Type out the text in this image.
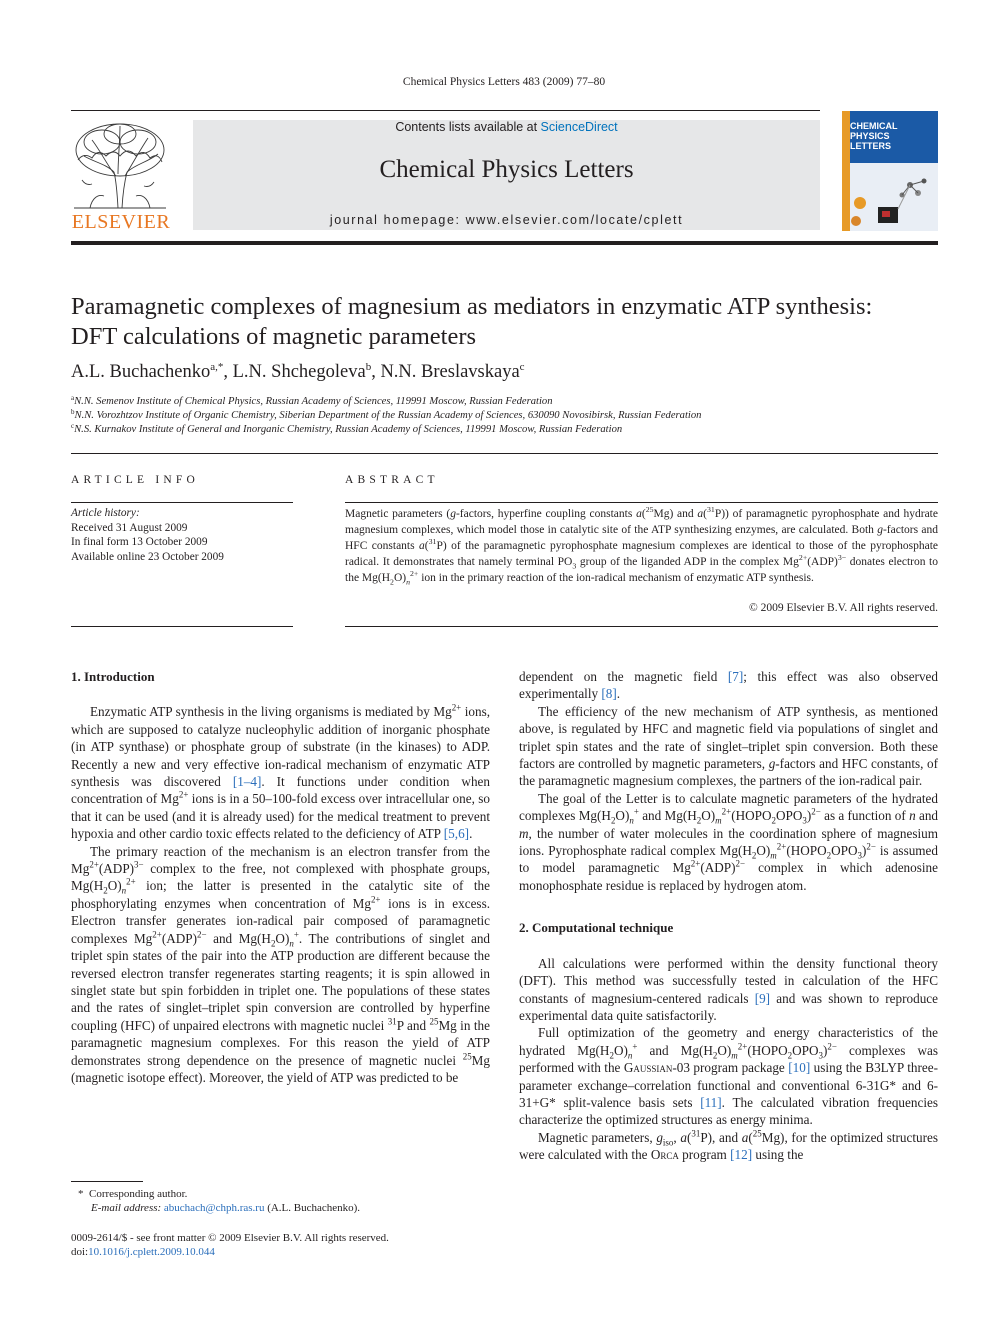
Chemical Physics Letters 483 (2009) 77–80
ELSEVIER
Contents lists available at ScienceDirect
Chemical Physics Letters
journal homepage: www.elsevier.com/locate/cplett
CHEMICAL
PHYSICS
LETTERS
Paramagnetic complexes of magnesium as mediators in enzymatic ATP synthesis:
DFT calculations of magnetic parameters
A.L. Buchachenko$^{a,*}$, L.N. Shchegoleva$^b$, N.N. Breslavskaya$^c$
$^a$N.N. Semenov Institute of Chemical Physics, Russian Academy of Sciences, 119991 Moscow, Russian Federation
$^b$N.N. Vorozhtzov Institute of Organic Chemistry, Siberian Department of the Russian Academy of Sciences, 630090 Novosibirsk, Russian Federation
$^c$N.S. Kurnakov Institute of General and Inorganic Chemistry, Russian Academy of Sciences, 119991 Moscow, Russian Federation
ARTICLE INFO
Article history:
Received 31 August 2009
In final form 13 October 2009
Available online 23 October 2009
ABSTRACT
Magnetic parameters (g-factors, hyperfine coupling constants a($^{25}$Mg) and a($^{31}$P)) of paramagnetic pyrophosphate and hydrate magnesium complexes, which model those in catalytic site of the ATP synthesizing enzymes, are calculated. Both g-factors and HFC constants a($^{31}$P) of the paramagnetic pyrophosphate magnesium complexes are identical to those of the pyrophosphate radical. It demonstrates that namely terminal $PO_3$ group of the liganded ADP in the complex $Mg^{2+}(ADP)^{3-}$ donates electron to the $Mg(H_2O)_n^{2+}$ ion in the primary reaction of the ion-radical mechanism of enzymatic ATP synthesis.
© 2009 Elsevier B.V. All rights reserved.
1. Introduction

Enzymatic ATP synthesis in the living organisms is mediated by $Mg^{2+}$ ions, which are supposed to catalyze nucleophylic addition of inorganic phosphate (in ATP synthase) or phosphate group of substrate (in the kinases) to ADP. Recently a new and very effective ion-radical mechanism of enzymatic ATP synthesis was discovered [1–4]. It functions under condition when concentration of $Mg^{2+}$ ions is in a 50–100-fold excess over intracellular one, so that it can be used (and it is already used) for the medical treatment to prevent hypoxia and other cardio toxic effects related to the deficiency of ATP [5,6].

The primary reaction of the mechanism is an electron transfer from the $Mg^{2+}(ADP)^{3-}$ complex to the free, not complexed with phosphate groups, $Mg(H_2O)_n^{2+}$ ion; the latter is presented in the catalytic site of the phosphorylating enzymes when concentration of $Mg^{2+}$ ions is in excess. Electron transfer generates ion-radical pair composed of paramagnetic complexes $Mg^{2+}(ADP)^{2-}$ and $Mg(H_2O)_n^+$. The contributions of singlet and triplet spin states of the pair into the ATP production are different because the reversed electron transfer regenerates starting reagents; it is spin allowed in singlet state but spin forbidden in triplet one. The populations of these states and the rates of singlet–triplet spin conversion are controlled by hyperfine coupling (HFC) of unpaired electrons with magnetic nuclei $^{31}$P and $^{25}$Mg in the paramagnetic magnesium complexes. For this reason the yield of ATP demonstrates strong dependence on the presence of magnetic nuclei $^{25}$Mg (magnetic isotope effect). Moreover, the yield of ATP was predicted to be

dependent on the magnetic field [7]; this effect was also observed experimentally [8].

The efficiency of the new mechanism of ATP synthesis, as mentioned above, is regulated by HFC and magnetic field via populations of singlet and triplet spin states and the rate of singlet–triplet spin conversion. Both these factors are controlled by magnetic parameters, g-factors and HFC constants, of the paramagnetic magnesium complexes, the partners of the ion-radical pair.

The goal of the Letter is to calculate magnetic parameters of the hydrated complexes $Mg(H_2O)_n^+$ and $Mg(H_2O)_m^{2+}(HOPO_2OPO_3)^{2-}$ as a function of n and m, the number of water molecules in the coordination sphere of magnesium ions. Pyrophosphate radical complex $Mg(H_2O)_m^{2+}(HOPO_2OPO_3)^{2-}$ is assumed to model paramagnetic $Mg^{2+}(ADP)^{2-}$ complex in which adenosine monophosphate residue is replaced by hydrogen atom.

2. Computational technique

All calculations were performed within the density functional theory (DFT). This method was successfully tested in calculation of the HFC constants of magnesium-centered radicals [9] and was shown to reproduce experimental data quite satisfactorily.

Full optimization of the geometry and energy characteristics of the hydrated $Mg(H_2O)_n^+$ and $Mg(H_2O)_m^{2+}(HOPO_2OPO_3)^{2-}$ complexes was performed with the Gaussian-03 program package [10] using the B3LYP three-parameter exchange–correlation functional and conventional 6-31G* and 6-31+G* split-valence basis sets [11]. The calculated vibration frequencies characterize the optimized structures as energy minima.

Magnetic parameters, $g_{iso}$, a($^{31}$P), and a($^{25}$Mg), for the optimized structures were calculated with the Orca program [12] using the

* Corresponding author.
E-mail address: abuchach@chph.ras.ru (A.L. Buchachenko).
0009-2614/$ - see front matter © 2009 Elsevier B.V. All rights reserved.
doi:10.1016/j.cplett.2009.10.044
